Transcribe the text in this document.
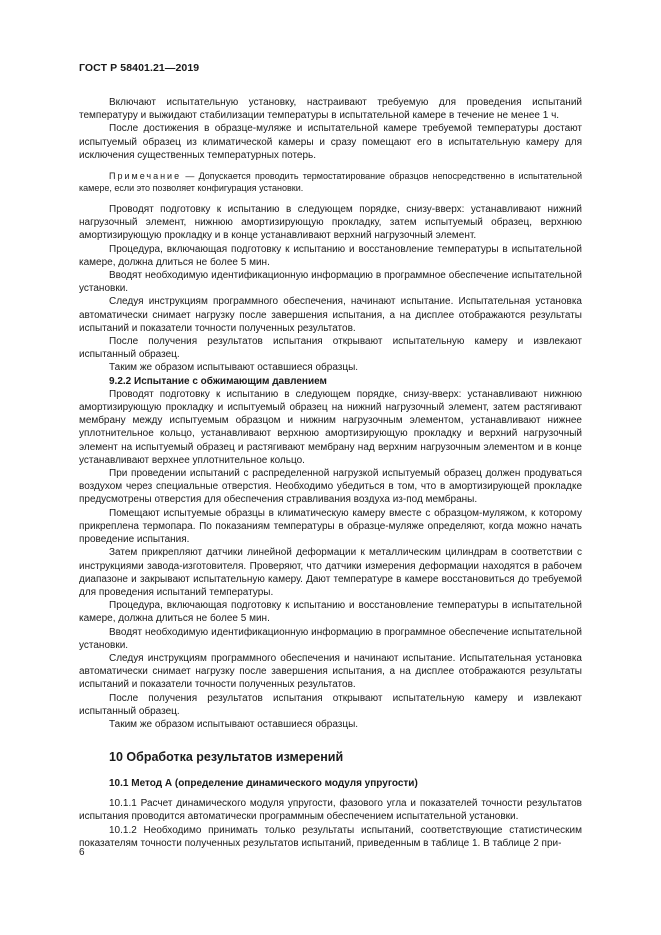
ГОСТ Р 58401.21—2019

Включают испытательную установку, настраивают требуемую для проведения испытаний температуру и выжидают стабилизации температуры в испытательной камере в течение не менее 1 ч.

После достижения в образце-муляже и испытательной камере требуемой температуры достают испытуемый образец из климатической камеры и сразу помещают его в испытательную камеру для исключения существенных температурных потерь.

Примечание — Допускается проводить термостатирование образцов непосредственно в испытательной камере, если это позволяет конфигурация установки.

Проводят подготовку к испытанию в следующем порядке, снизу-вверх: устанавливают нижний нагрузочный элемент, нижнюю амортизирующую прокладку, затем испытуемый образец, верхнюю амортизирующую прокладку и в конце устанавливают верхний нагрузочный элемент.

Процедура, включающая подготовку к испытанию и восстановление температуры в испытательной камере, должна длиться не более 5 мин.

Вводят необходимую идентификационную информацию в программное обеспечение испытательной установки.

Следуя инструкциям программного обеспечения, начинают испытание. Испытательная установка автоматически снимает нагрузку после завершения испытания, а на дисплее отображаются результаты испытаний и показатели точности полученных результатов.

После получения результатов испытания открывают испытательную камеру и извлекают испытанный образец.

Таким же образом испытывают оставшиеся образцы.

9.2.2 Испытание с обжимающим давлением

Проводят подготовку к испытанию в следующем порядке, снизу-вверх: устанавливают нижнюю амортизирующую прокладку и испытуемый образец на нижний нагрузочный элемент, затем растягивают мембрану между испытуемым образцом и нижним нагрузочным элементом, устанавливают нижнее уплотнительное кольцо, устанавливают верхнюю амортизирующую прокладку и верхний нагрузочный элемент на испытуемый образец и растягивают мембрану над верхним нагрузочным элементом и в конце устанавливают верхнее уплотнительное кольцо.

При проведении испытаний с распределенной нагрузкой испытуемый образец должен продуваться воздухом через специальные отверстия. Необходимо убедиться в том, что в амортизирующей прокладке предусмотрены отверстия для обеспечения стравливания воздуха из-под мембраны.

Помещают испытуемые образцы в климатическую камеру вместе с образцом-муляжом, к которому прикреплена термопара. По показаниям температуры в образце-муляже определяют, когда можно начать проведение испытания.

Затем прикрепляют датчики линейной деформации к металлическим цилиндрам в соответствии с инструкциями завода-изготовителя. Проверяют, что датчики измерения деформации находятся в рабочем диапазоне и закрывают испытательную камеру. Дают температуре в камере восстановиться до требуемой для проведения испытаний температуры.

Процедура, включающая подготовку к испытанию и восстановление температуры в испытательной камере, должна длиться не более 5 мин.

Вводят необходимую идентификационную информацию в программное обеспечение испытательной установки.

Следуя инструкциям программного обеспечения и начинают испытание. Испытательная установка автоматически снимает нагрузку после завершения испытания, а на дисплее отображаются результаты испытаний и показатели точности полученных результатов.

После получения результатов испытания открывают испытательную камеру и извлекают испытанный образец.

Таким же образом испытывают оставшиеся образцы.

10 Обработка результатов измерений
10.1 Метод А (определение динамического модуля упругости)

10.1.1 Расчет динамического модуля упругости, фазового угла и показателей точности результатов испытания проводится автоматически программным обеспечением испытательной установки.

10.1.2 Необходимо принимать только результаты испытаний, соответствующие статистическим показателям точности полученных результатов испытаний, приведенным в таблице 1. В таблице 2 при-

6
